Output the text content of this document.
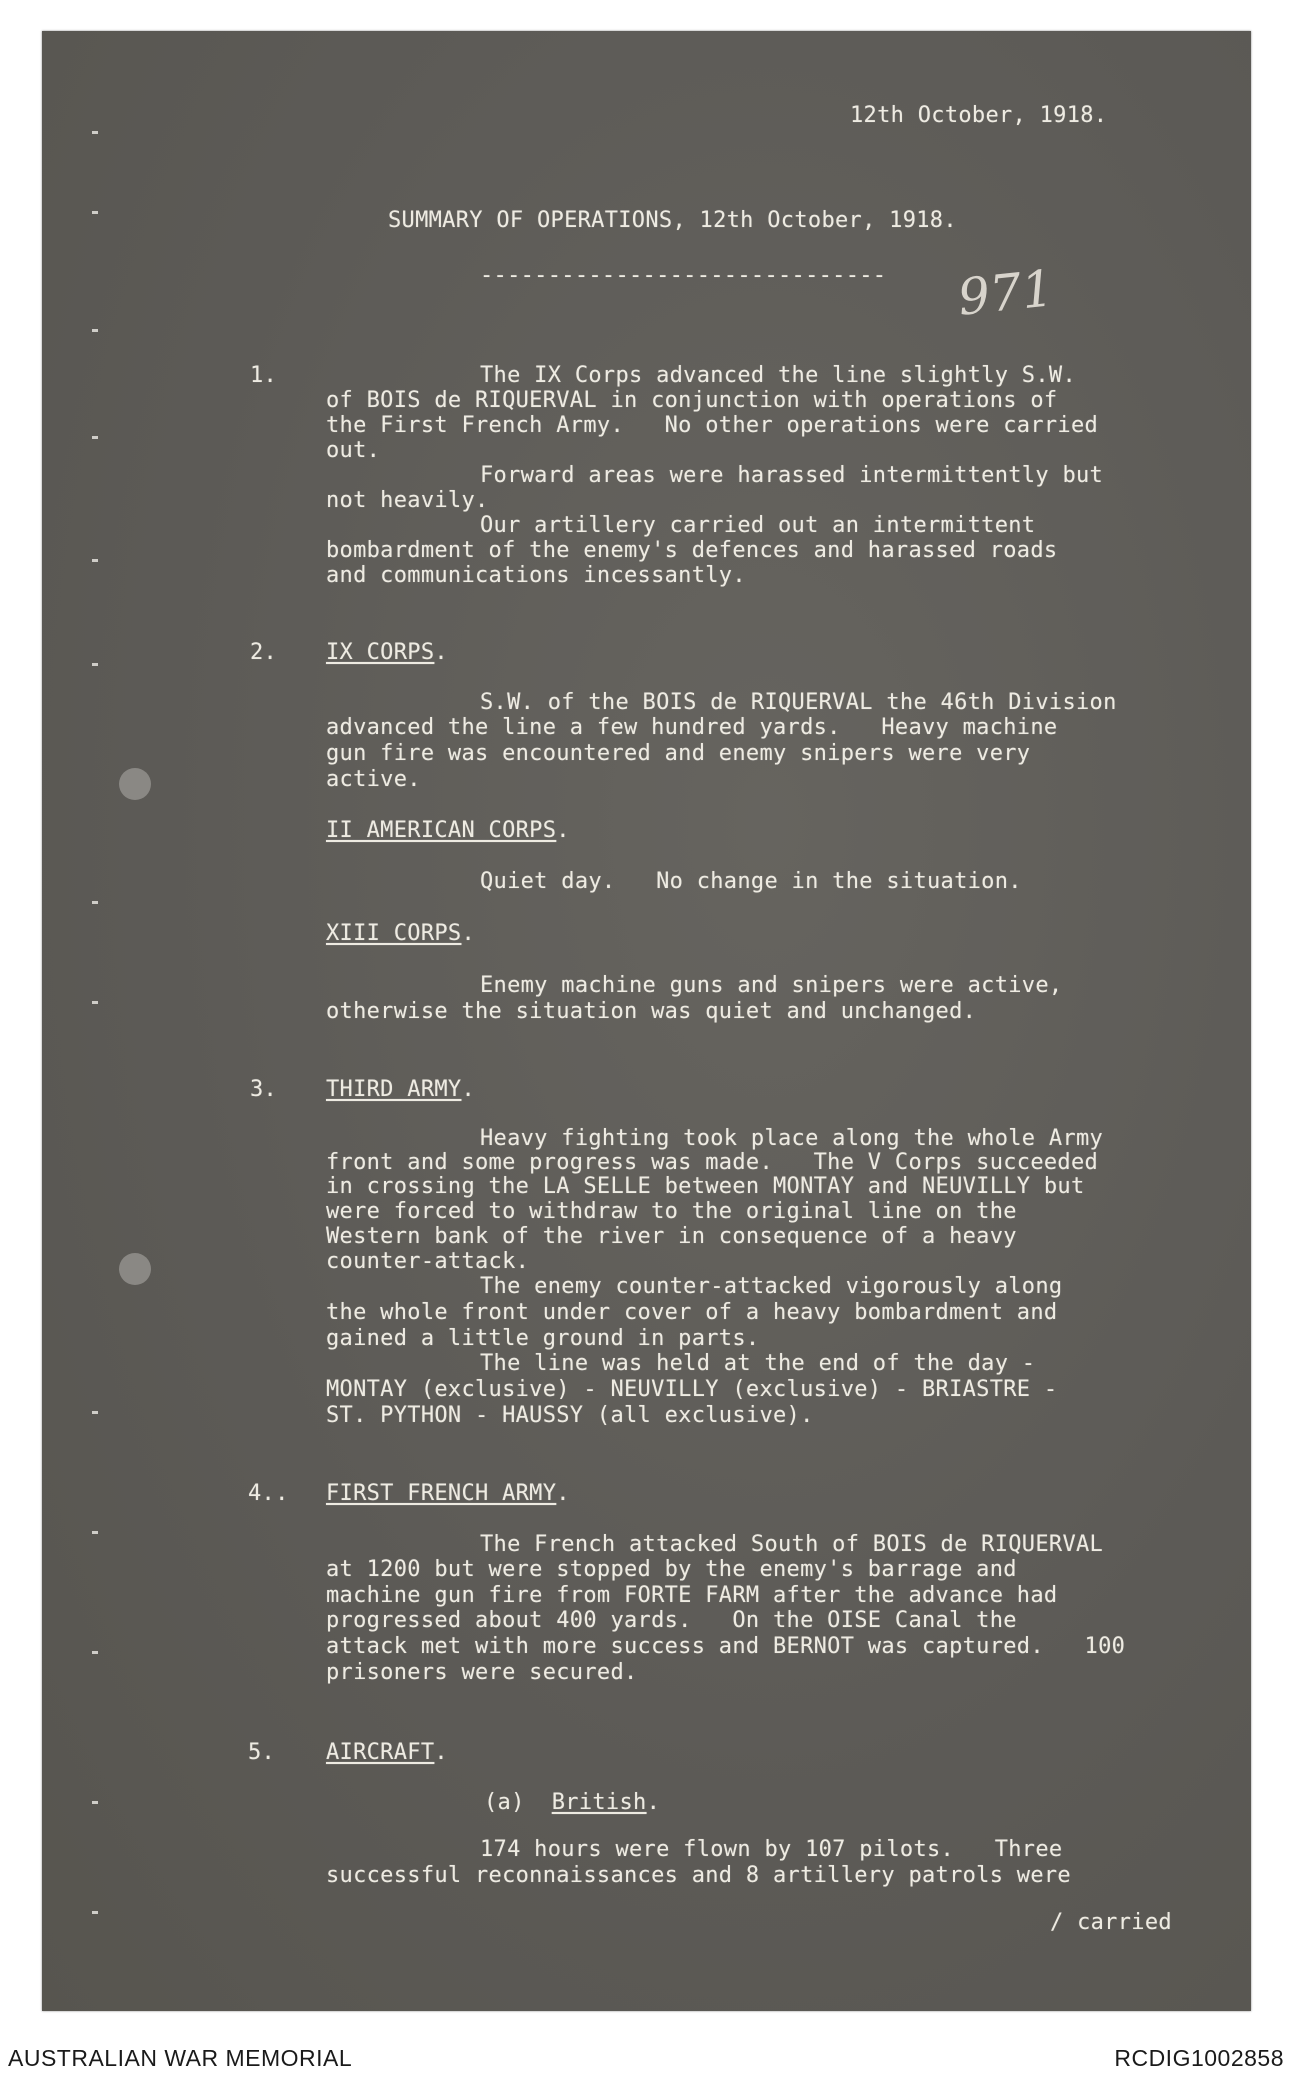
12th October, 1918.
SUMMARY OF OPERATIONS, 12th October, 1918.
------------------------------ 971
1.	The IX Corps advanced the line slightly S.W.
of BOIS de RIQUERVAL in conjunction with operations of
the First French Army.   No other operations were carried
out.
Forward areas were harassed intermittently but
not heavily.
Our artillery carried out an intermittent
bombardment of the enemy's defences and harassed roads
and communications incessantly.
2. IX CORPS.
S.W. of the BOIS de RIQUERVAL the 46th Division
advanced the line a few hundred yards.   Heavy machine
gun fire was encountered and enemy snipers were very
active.
II AMERICAN CORPS.
Quiet day.   No change in the situation.
XIII CORPS.
Enemy machine guns and snipers were active,
otherwise the situation was quiet and unchanged.
3. THIRD ARMY.
Heavy fighting took place along the whole Army
front and some progress was made.   The V Corps succeeded
in crossing the LA SELLE between MONTAY and NEUVILLY but
were forced to withdraw to the original line on the
Western bank of the river in consequence of a heavy
counter-attack.
The enemy counter-attacked vigorously along
the whole front under cover of a heavy bombardment and
gained a little ground in parts.
The line was held at the end of the day -
MONTAY (exclusive) - NEUVILLY (exclusive) - BRIASTRE -
ST. PYTHON - HAUSSY (all exclusive).
4.. FIRST FRENCH ARMY.
The French attacked South of BOIS de RIQUERVAL
at 1200 but were stopped by the enemy's barrage and
machine gun fire from FORTE FARM after the advance had
progressed about 400 yards.   On the OISE Canal the
attack met with more success and BERNOT was captured.   100
prisoners were secured.
5. AIRCRAFT.
(a) British.
174 hours were flown by 107 pilots.   Three
successful reconnaissances and 8 artillery patrols were
/ carried
AUSTRALIAN WAR MEMORIAL	RCDIG1002858
